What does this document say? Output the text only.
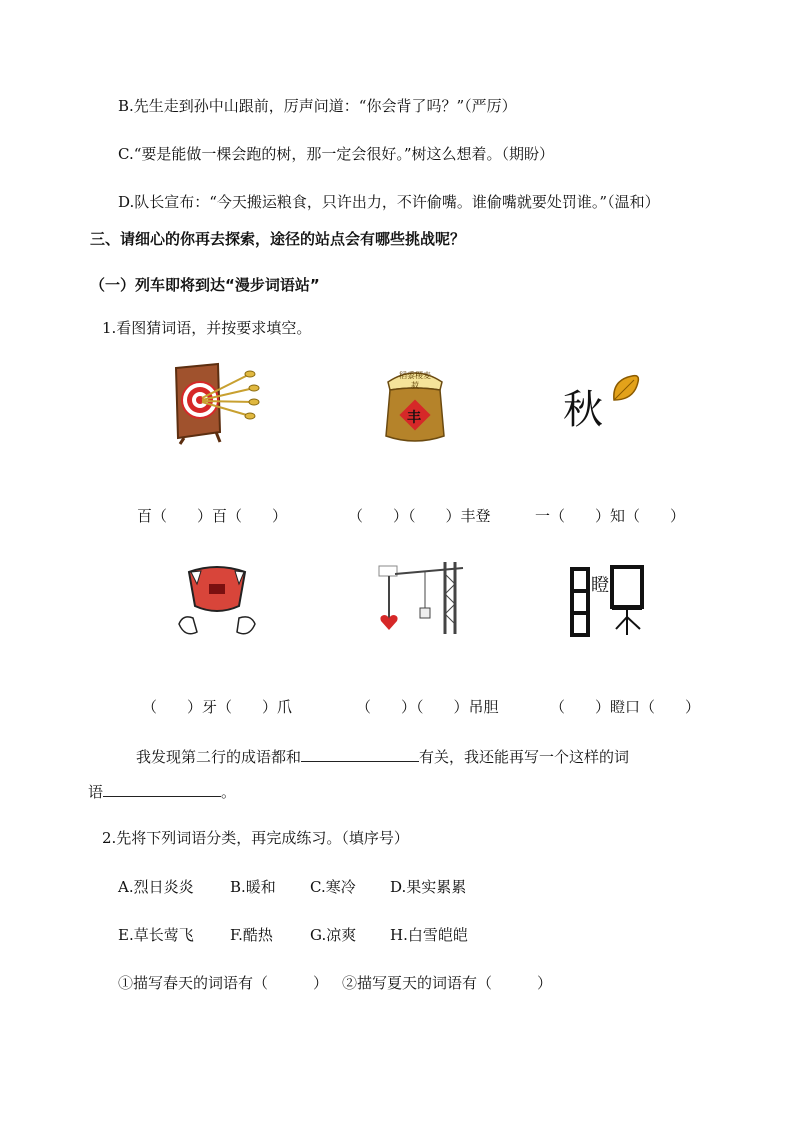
B.先生走到孙中山跟前，厉声问道：“你会背了吗？”（严厉）
C.“要是能做一棵会跑的树，那一定会很好。”树这么想着。（期盼）
D.队长宣布：“今天搬运粮食，只许出力，不许偷嘴。谁偷嘴就要处罚谁。”（温和）
三、请细心的你再去探索，途径的站点会有哪些挑战呢？
（一）列车即将到达“漫步词语站”
1.看图猜词语，并按要求填空。
稻黍稷麦菽
丰	秋
百（　　）百（　　）	（　　）（　　）丰登	一（　　）知（　　）
瞪
（　　）牙（　　）爪	（　　）（　　）吊胆	（　　）瞪口（　　）
我发现第二行的成语都和	有关，我还能再写一个这样的词
语	。
2.先将下列词语分类，再完成练习。（填序号）
A.烈日炎炎 B.暖和 C.寒冷 D.果实累累
E.草长莺飞 F.酷热 G.凉爽 H.白雪皑皑
①描写春天的词语有（　　　） ②描写夏天的词语有（　　　）
